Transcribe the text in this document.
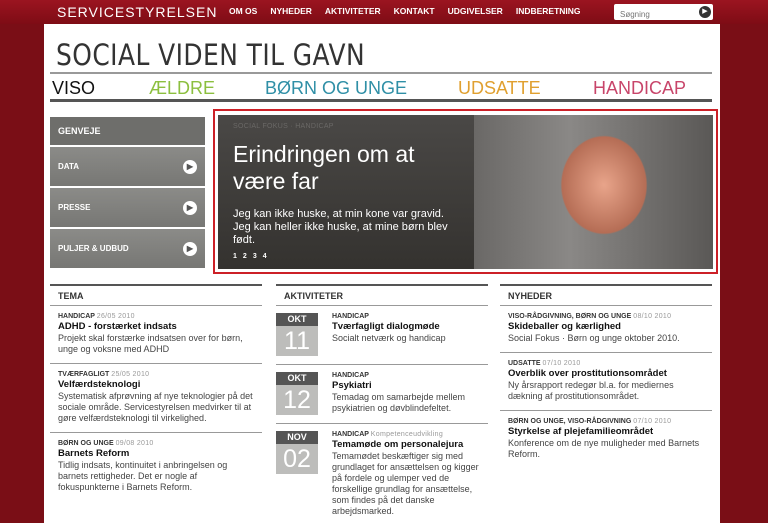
SERVICESTYRELSEN OM OS NYHEDER AKTIVITETER KONTAKT UDGIVELSER INDBERETNING
Søgning	▶
SOCIAL VIDEN TIL GAVN
VISO	ÆLDRE	BØRN OG UNGE	UDSATTE	HANDICAP
GENVEJE
DATA	▶
PRESSE	▶
PULJER & UDBUD	▶
SOCIAL FOKUS · HANDICAP
Erindringen om at være far

Jeg kan ikke huske, at min kone var gravid. Jeg kan heller ikke huske, at mine børn blev født.

1 2 3 4
TEMA
HANDICAP 26/05 2010
ADHD - forstærket indsats
Projekt skal forstærke indsatsen over for børn, unge og voksne med ADHD
TVÆRFAGLIGT 25/05 2010
Velfærdsteknologi
Systematisk afprøvning af nye teknologier på det sociale område. Servicestyrelsen medvirker til at gøre velfærdsteknologi til virkelighed.
BØRN OG UNGE 09/08 2010
Barnets Reform
Tidlig indsats, kontinuitet i anbringelsen og barnets rettigheder. Det er nogle af fokuspunkterne i Barnets Reform.
AKTIVITETER
OKT
11
HANDICAP
Tværfagligt dialogmøde
Socialt netværk og handicap
OKT
12
HANDICAP
Psykiatri
Temadag om samarbejde mellem psykiatrien og døvblindefeltet.
NOV
02
HANDICAP Kompetenceudvikling
Temamøde om personalejura
Temamødet beskæftiger sig med grundlaget for ansættelsen og kigger på fordele og ulemper ved de forskellige grundlag for ansættelse, som findes på det danske arbejdsmarked.
NYHEDER
VISO-RÅDGIVNING, BØRN OG UNGE 08/10 2010
Skideballer og kærlighed
Social Fokus · Børn og unge oktober 2010.
UDSATTE 07/10 2010
Overblik over prostitutionsområdet
Ny årsrapport redegør bl.a. for mediernes dækning af prostitutionsområdet.
BØRN OG UNGE, VISO-RÅDGIVNING 07/10 2010
Styrkelse af plejefamilieområdet
Konference om de nye muligheder med Barnets Reform.
